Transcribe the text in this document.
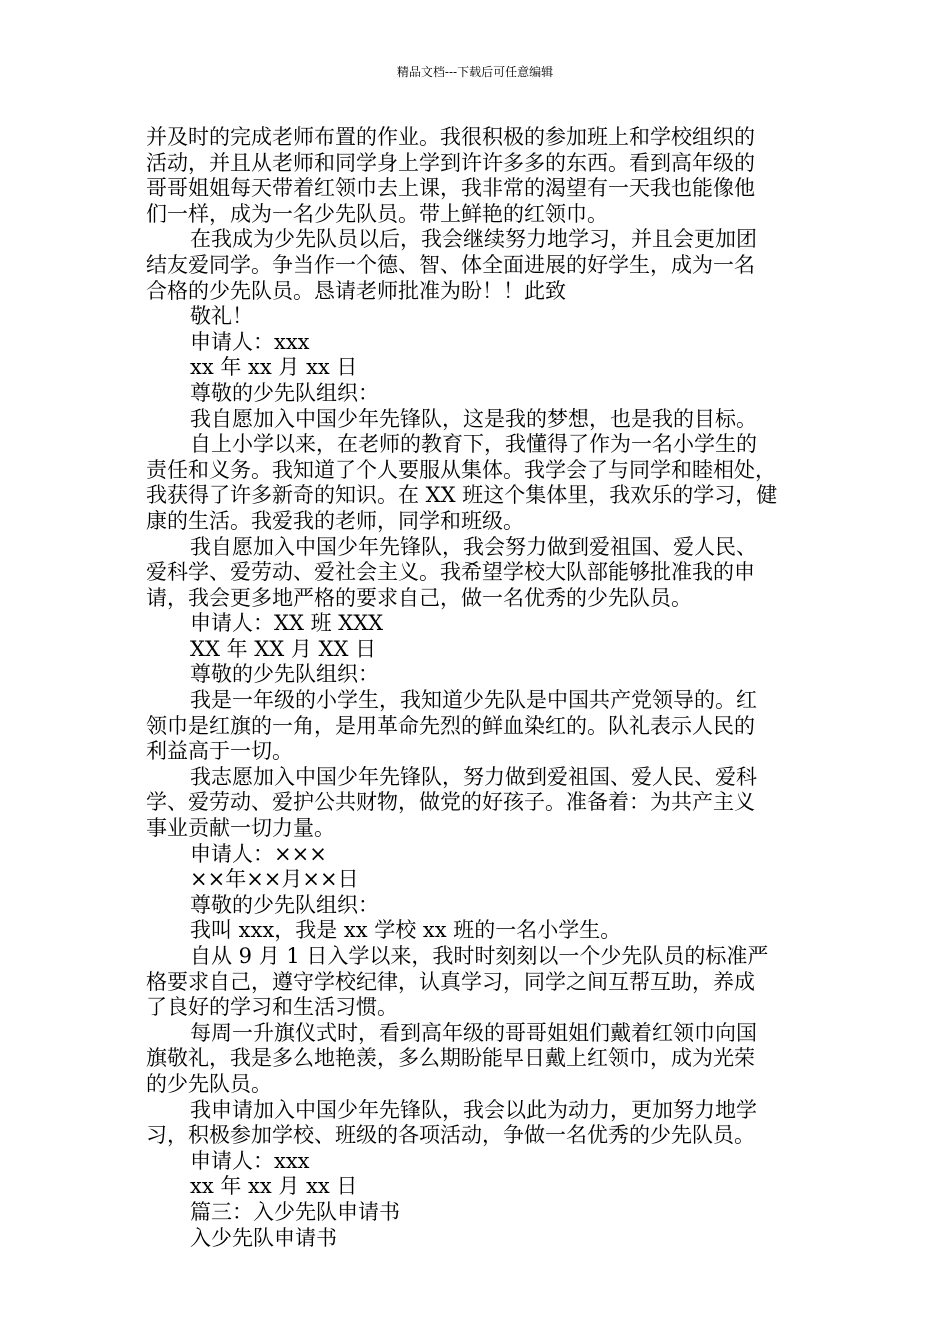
精品文档---下载后可任意编辑
并及时的完成老师布置的作业。我很积极的参加班上和学校组织的
活动，并且从老师和同学身上学到许许多多的东西。看到高年级的
哥哥姐姐每天带着红领巾去上课，我非常的渴望有一天我也能像他
们一样，成为一名少先队员。带上鲜艳的红领巾。
在我成为少先队员以后，我会继续努力地学习，并且会更加团
结友爱同学。争当作一个德、智、体全面进展的好学生，成为一名
合格的少先队员。恳请老师批准为盼！！此致
敬礼！
申请人：xxx
xx 年 xx 月 xx 日
尊敬的少先队组织：
我自愿加入中国少年先锋队，这是我的梦想，也是我的目标。
自上小学以来，在老师的教育下，我懂得了作为一名小学生的
责任和义务。我知道了个人要服从集体。我学会了与同学和睦相处，
我获得了许多新奇的知识。在 XX 班这个集体里，我欢乐的学习，健
康的生活。我爱我的老师，同学和班级。
我自愿加入中国少年先锋队，我会努力做到爱祖国、爱人民、
爱科学、爱劳动、爱社会主义。我希望学校大队部能够批准我的申
请，我会更多地严格的要求自己，做一名优秀的少先队员。
申请人：XX 班 XXX
XX 年 XX 月 XX 日
尊敬的少先队组织：
我是一年级的小学生，我知道少先队是中国共产党领导的。红
领巾是红旗的一角，是用革命先烈的鲜血染红的。队礼表示人民的
利益高于一切。
我志愿加入中国少年先锋队，努力做到爱祖国、爱人民、爱科
学、爱劳动、爱护公共财物，做党的好孩子。准备着：为共产主义
事业贡献一切力量。
申请人：×××
××年××月××日
尊敬的少先队组织：
我叫 xxx，我是 xx 学校 xx 班的一名小学生。
自从 9 月 1 日入学以来，我时时刻刻以一个少先队员的标准严
格要求自己，遵守学校纪律，认真学习，同学之间互帮互助，养成
了良好的学习和生活习惯。
每周一升旗仪式时，看到高年级的哥哥姐姐们戴着红领巾向国
旗敬礼，我是多么地艳羡，多么期盼能早日戴上红领巾，成为光荣
的少先队员。
我申请加入中国少年先锋队，我会以此为动力，更加努力地学
习，积极参加学校、班级的各项活动，争做一名优秀的少先队员。
申请人：xxx
xx 年 xx 月 xx 日
篇三：入少先队申请书
入少先队申请书
